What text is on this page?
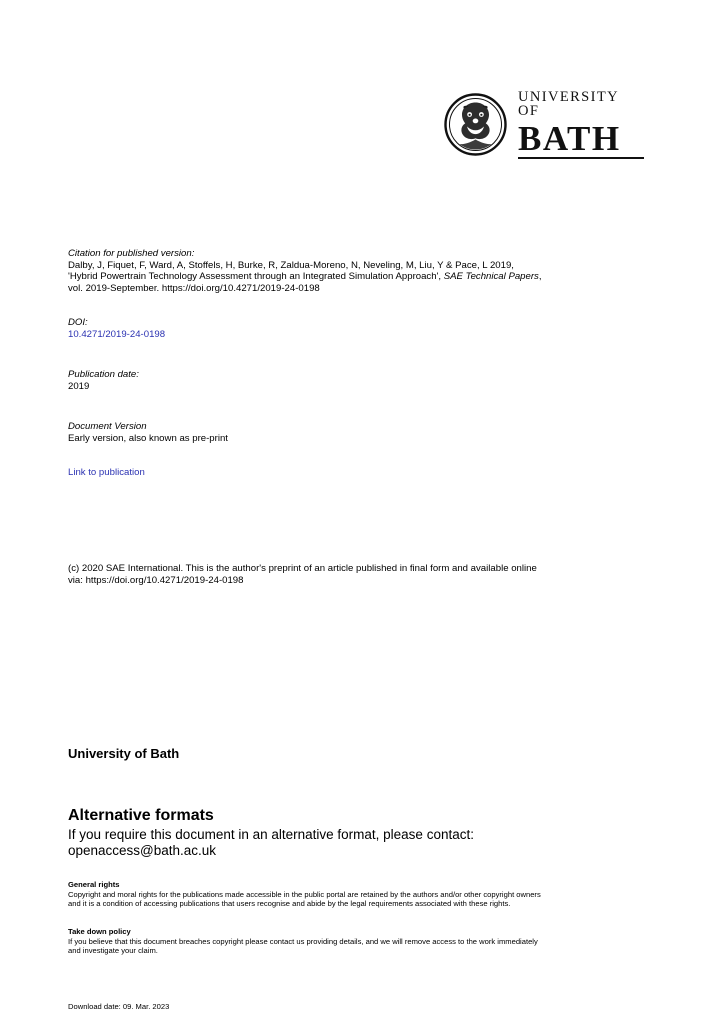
UNIVERSITY OF
BATH
Citation for published version:
Dalby, J, Fiquet, F, Ward, A, Stoffels, H, Burke, R, Zaldua-Moreno, N, Neveling, M, Liu, Y & Pace, L 2019,
'Hybrid Powertrain Technology Assessment through an Integrated Simulation Approach', SAE Technical Papers,
vol. 2019-September. https://doi.org/10.4271/2019-24-0198
DOI:
10.4271/2019-24-0198
Publication date:
2019
Document Version
Early version, also known as pre-print
Link to publication
(c) 2020 SAE International. This is the author's preprint of an article published in final form and available online
via: https://doi.org/10.4271/2019-24-0198
University of Bath
Alternative formats
If you require this document in an alternative format, please contact:
openaccess@bath.ac.uk
General rights
Copyright and moral rights for the publications made accessible in the public portal are retained by the authors and/or other copyright owners
and it is a condition of accessing publications that users recognise and abide by the legal requirements associated with these rights.
Take down policy
If you believe that this document breaches copyright please contact us providing details, and we will remove access to the work immediately
and investigate your claim.
Download date: 09. Mar. 2023
